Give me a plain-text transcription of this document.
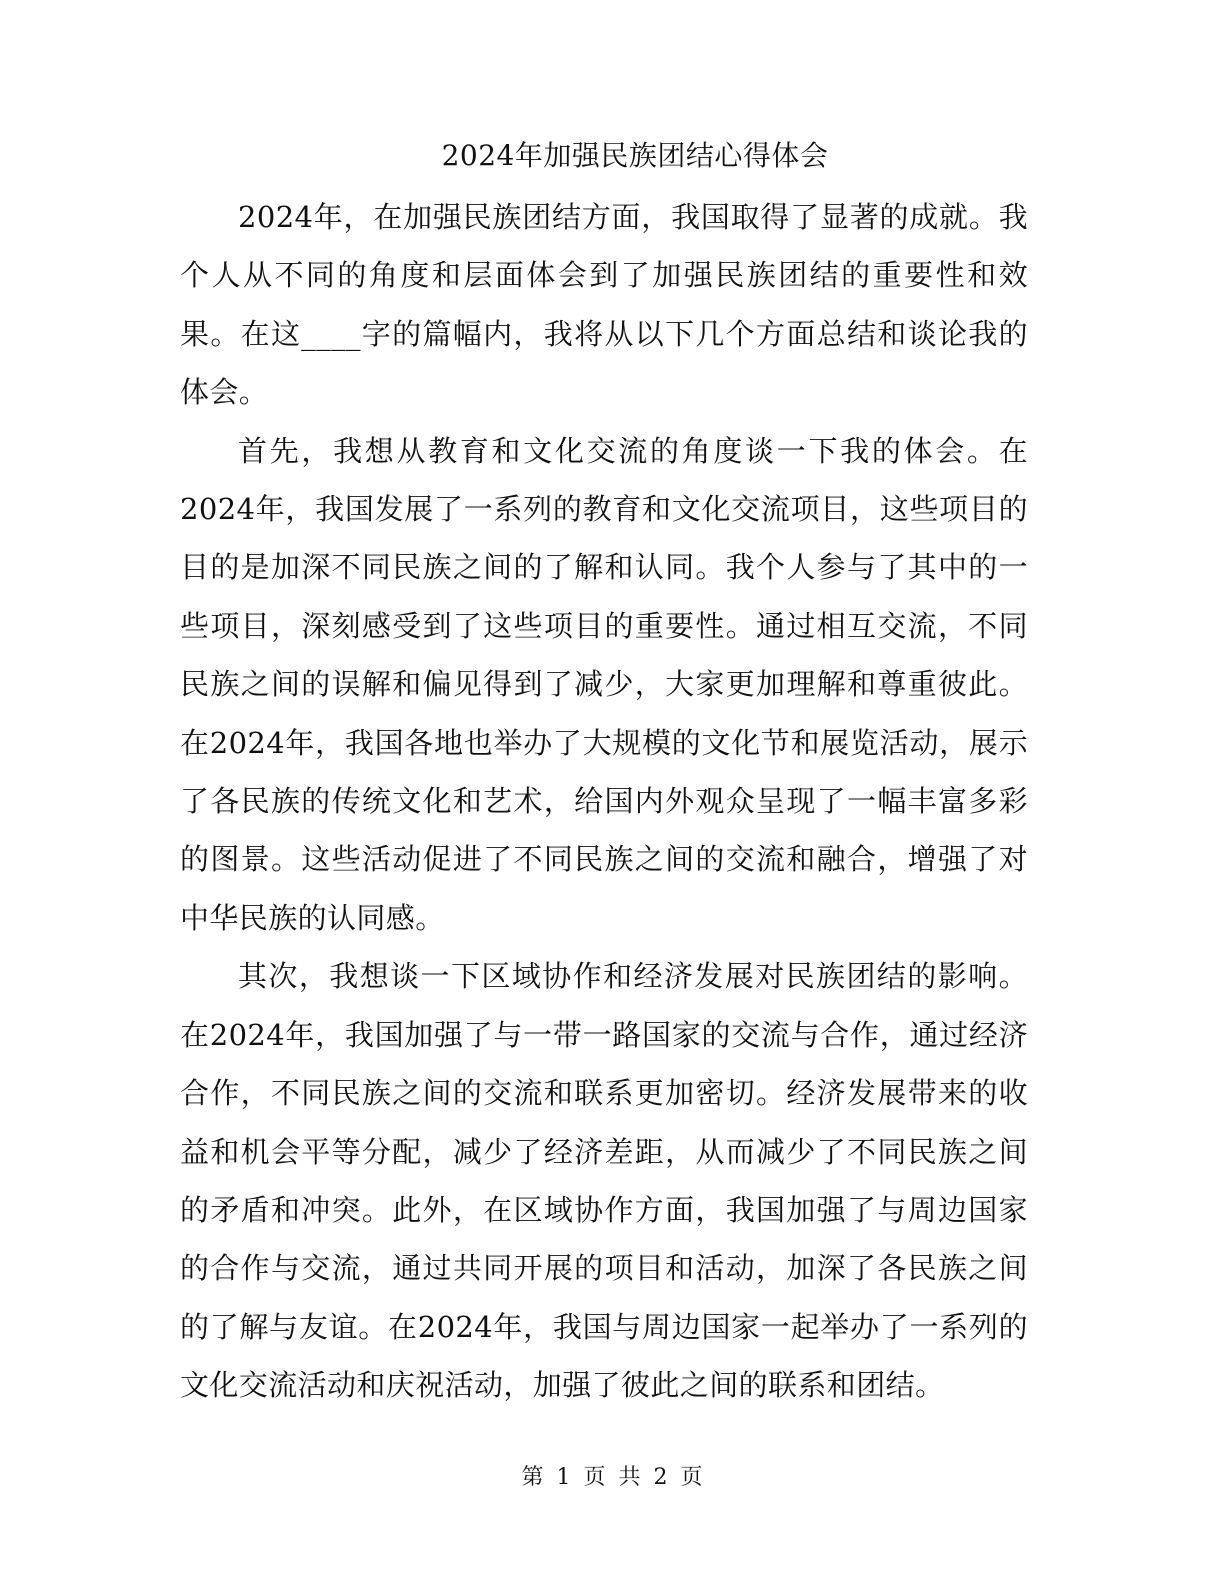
2024年加强民族团结心得体会

2024年，在加强民族团结方面，我国取得了显著的成就。我个人从不同的角度和层面体会到了加强民族团结的重要性和效果。在这____字的篇幅内，我将从以下几个方面总结和谈论我的体会。

首先，我想从教育和文化交流的角度谈一下我的体会。在2024年，我国发展了一系列的教育和文化交流项目，这些项目的目的是加深不同民族之间的了解和认同。我个人参与了其中的一些项目，深刻感受到了这些项目的重要性。通过相互交流，不同民族之间的误解和偏见得到了减少，大家更加理解和尊重彼此。在2024年，我国各地也举办了大规模的文化节和展览活动，展示了各民族的传统文化和艺术，给国内外观众呈现了一幅丰富多彩的图景。这些活动促进了不同民族之间的交流和融合，增强了对中华民族的认同感。

其次，我想谈一下区域协作和经济发展对民族团结的影响。在2024年，我国加强了与一带一路国家的交流与合作，通过经济合作，不同民族之间的交流和联系更加密切。经济发展带来的收益和机会平等分配，减少了经济差距，从而减少了不同民族之间的矛盾和冲突。此外，在区域协作方面，我国加强了与周边国家的合作与交流，通过共同开展的项目和活动，加深了各民族之间的了解与友谊。在2024年，我国与周边国家一起举办了一系列的文化交流活动和庆祝活动，加强了彼此之间的联系和团结。

第 1 页 共 2 页
